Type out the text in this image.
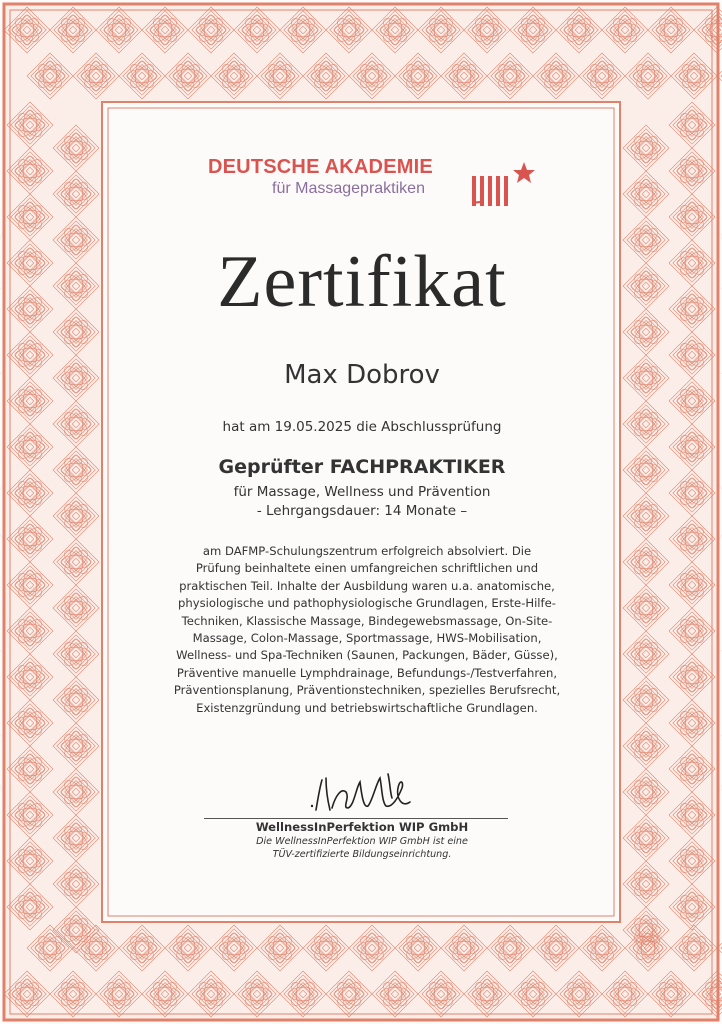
DEUTSCHE AKADEMIE
für Massagepraktiken
Zertifikat
Max Dobrov
hat am 19.05.2025 die Abschlussprüfung
Geprüfter FACHPRAKTIKER
für Massage, Wellness und Prävention
- Lehrgangsdauer: 14 Monate –
am DAFMP-Schulungszentrum erfolgreich absolviert. Die
Prüfung beinhaltete einen umfangreichen schriftlichen und
praktischen Teil. Inhalte der Ausbildung waren u.a. anatomische,
physiologische und pathophysiologische Grundlagen, Erste-Hilfe-
Techniken, Klassische Massage, Bindegewebsmassage, On-Site-
Massage, Colon-Massage, Sportmassage, HWS-Mobilisation,
Wellness- und Spa-Techniken (Saunen, Packungen, Bäder, Güsse),
Präventive manuelle Lymphdrainage, Befundungs-/Testverfahren,
Präventionsplanung, Präventionstechniken, spezielles Berufsrecht,
Existenzgründung und betriebswirtschaftliche Grundlagen.
WellnessInPerfektion WIP GmbH
Die WellnessInPerfektion WIP GmbH ist eine
TÜV-zertifizierte Bildungseinrichtung.
